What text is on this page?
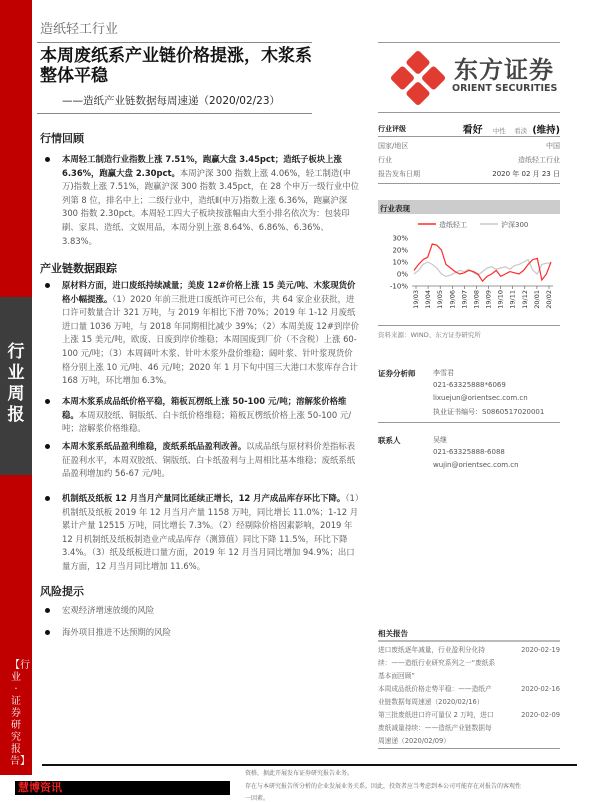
行业周报
【行业·证券研究报告】
造纸轻工行业
本周废纸系产业链价格提涨，木浆系整体平稳
——造纸产业链数据每周速递（2020/02/23）
东方证券
ORIENT SECURITIES
行业评级	看好 中性 看淡 (维持)
国家/地区	中国
行业	造纸轻工行业
报告发布日期	2020 年 02 月 23 日
行业表现
造纸轻工	沪深300
30%
20%
10%
0%
-10%
19/03 19/04 19/05 19/06 19/07 19/08 19/09 19/10 19/11 19/12 20/01 20/02
资料来源：WIND、东方证券研究所
证券分析师	李雪君
021-63325888*6069
lixuejun@orientsec.com.cn
执业证书编号：S0860517020001
联系人	吴继
021-63325888-6088
wujin@orientsec.com.cn
相关报告
进口废纸逐年减量，行业盈利分化持续：——造纸行业研究系列之一“废纸系基本面回顾”
2020-02-19
本周成品纸价格走势平稳：——造纸产业链数据每周速递（2020/02/16）
2020-02-16
第三批废纸进口许可量仅 2 万吨，进口废纸减量持续：——造纸产业链数据每周速递（2020/02/09）
2020-02-09
行情回顾
本周轻工制造行业指数上涨 7.51%，跑赢大盘 3.45pct；造纸子板块上涨 6.36%，跑赢大盘 2.30pct。本周沪深 300 指数上涨 4.06%，轻工制造(申万)指数上涨 7.51%，跑赢沪深 300 指数 3.45pct，在 28 个申万一级行业中位列第 8 位，排名中上；二级行业中，造纸Ⅱ(申万)指数上涨 6.36%，跑赢沪深 300 指数 2.30pct。本周轻工四大子板块按涨幅由大至小排名依次为：包装印刷、家具、造纸、文娱用品，本周分别上涨 8.64%、6.86%、6.36%、3.83%。
产业链数据跟踪
原材料方面，进口废纸持续减量；美废 12#价格上涨 15 美元/吨、木浆现货价格小幅提涨。（1）2020 年前三批进口废纸许可已公布，共 64 家企业获批，进口许可数量合计 321 万吨，与 2019 年相比下滑 70%；2019 年 1-12 月废纸进口量 1036 万吨，与 2018 年同期相比减少 39%；（2）本周美废 12#到岸价上涨 15 美元/吨，欧废、日废到岸价维稳；本周国废到厂价（不含税）上涨 60-100 元/吨；（3）本周阔叶木浆、针叶木浆外盘价维稳；阔叶浆、针叶浆现货价格分别上涨 10 元/吨、46 元/吨；2020 年 1 月下旬中国三大港口木浆库存合计 168 万吨，环比增加 6.3%。
本周木浆系成品纸价格平稳，箱板瓦楞纸上涨 50-100 元/吨；溶解浆价格维稳。本周双胶纸、铜版纸、白卡纸价格维稳；箱板瓦楞纸价格上涨 50-100 元/吨；溶解浆价格维稳。
本周木浆系纸品盈利维稳，废纸系纸品盈利改善。以成品纸与原材料价差指标表征盈利水平，本周双胶纸、铜版纸、白卡纸盈利与上周相比基本维稳；废纸系纸品盈利增加约 56-67 元/吨。
机制纸及纸板 12 月当月产量同比延续正增长，12 月产成品库存环比下降。（1）机制纸及纸板 2019 年 12 月当月产量 1158 万吨，同比增长 11.0%；1-12 月累计产量 12515 万吨，同比增长 7.3%。（2）经剔除价格因素影响，2019 年 12 月机制纸及纸板制造业产成品库存（测算值）同比下降 11.5%，环比下降 3.4%。（3）纸及纸板进口量方面，2019 年 12 月当月同比增加 94.9%；出口量方面，12 月当月同比增加 11.6%。
风险提示
宏观经济增速放缓的风险
海外项目推进不达预期的风险
资格，据此开展发布证券研究报告业务。
存在与本研究报告所分析的企业发展业务关系。因此，投资者应当考虑到本公司可能存在对报告的客观性
一因素。
慧博资讯
